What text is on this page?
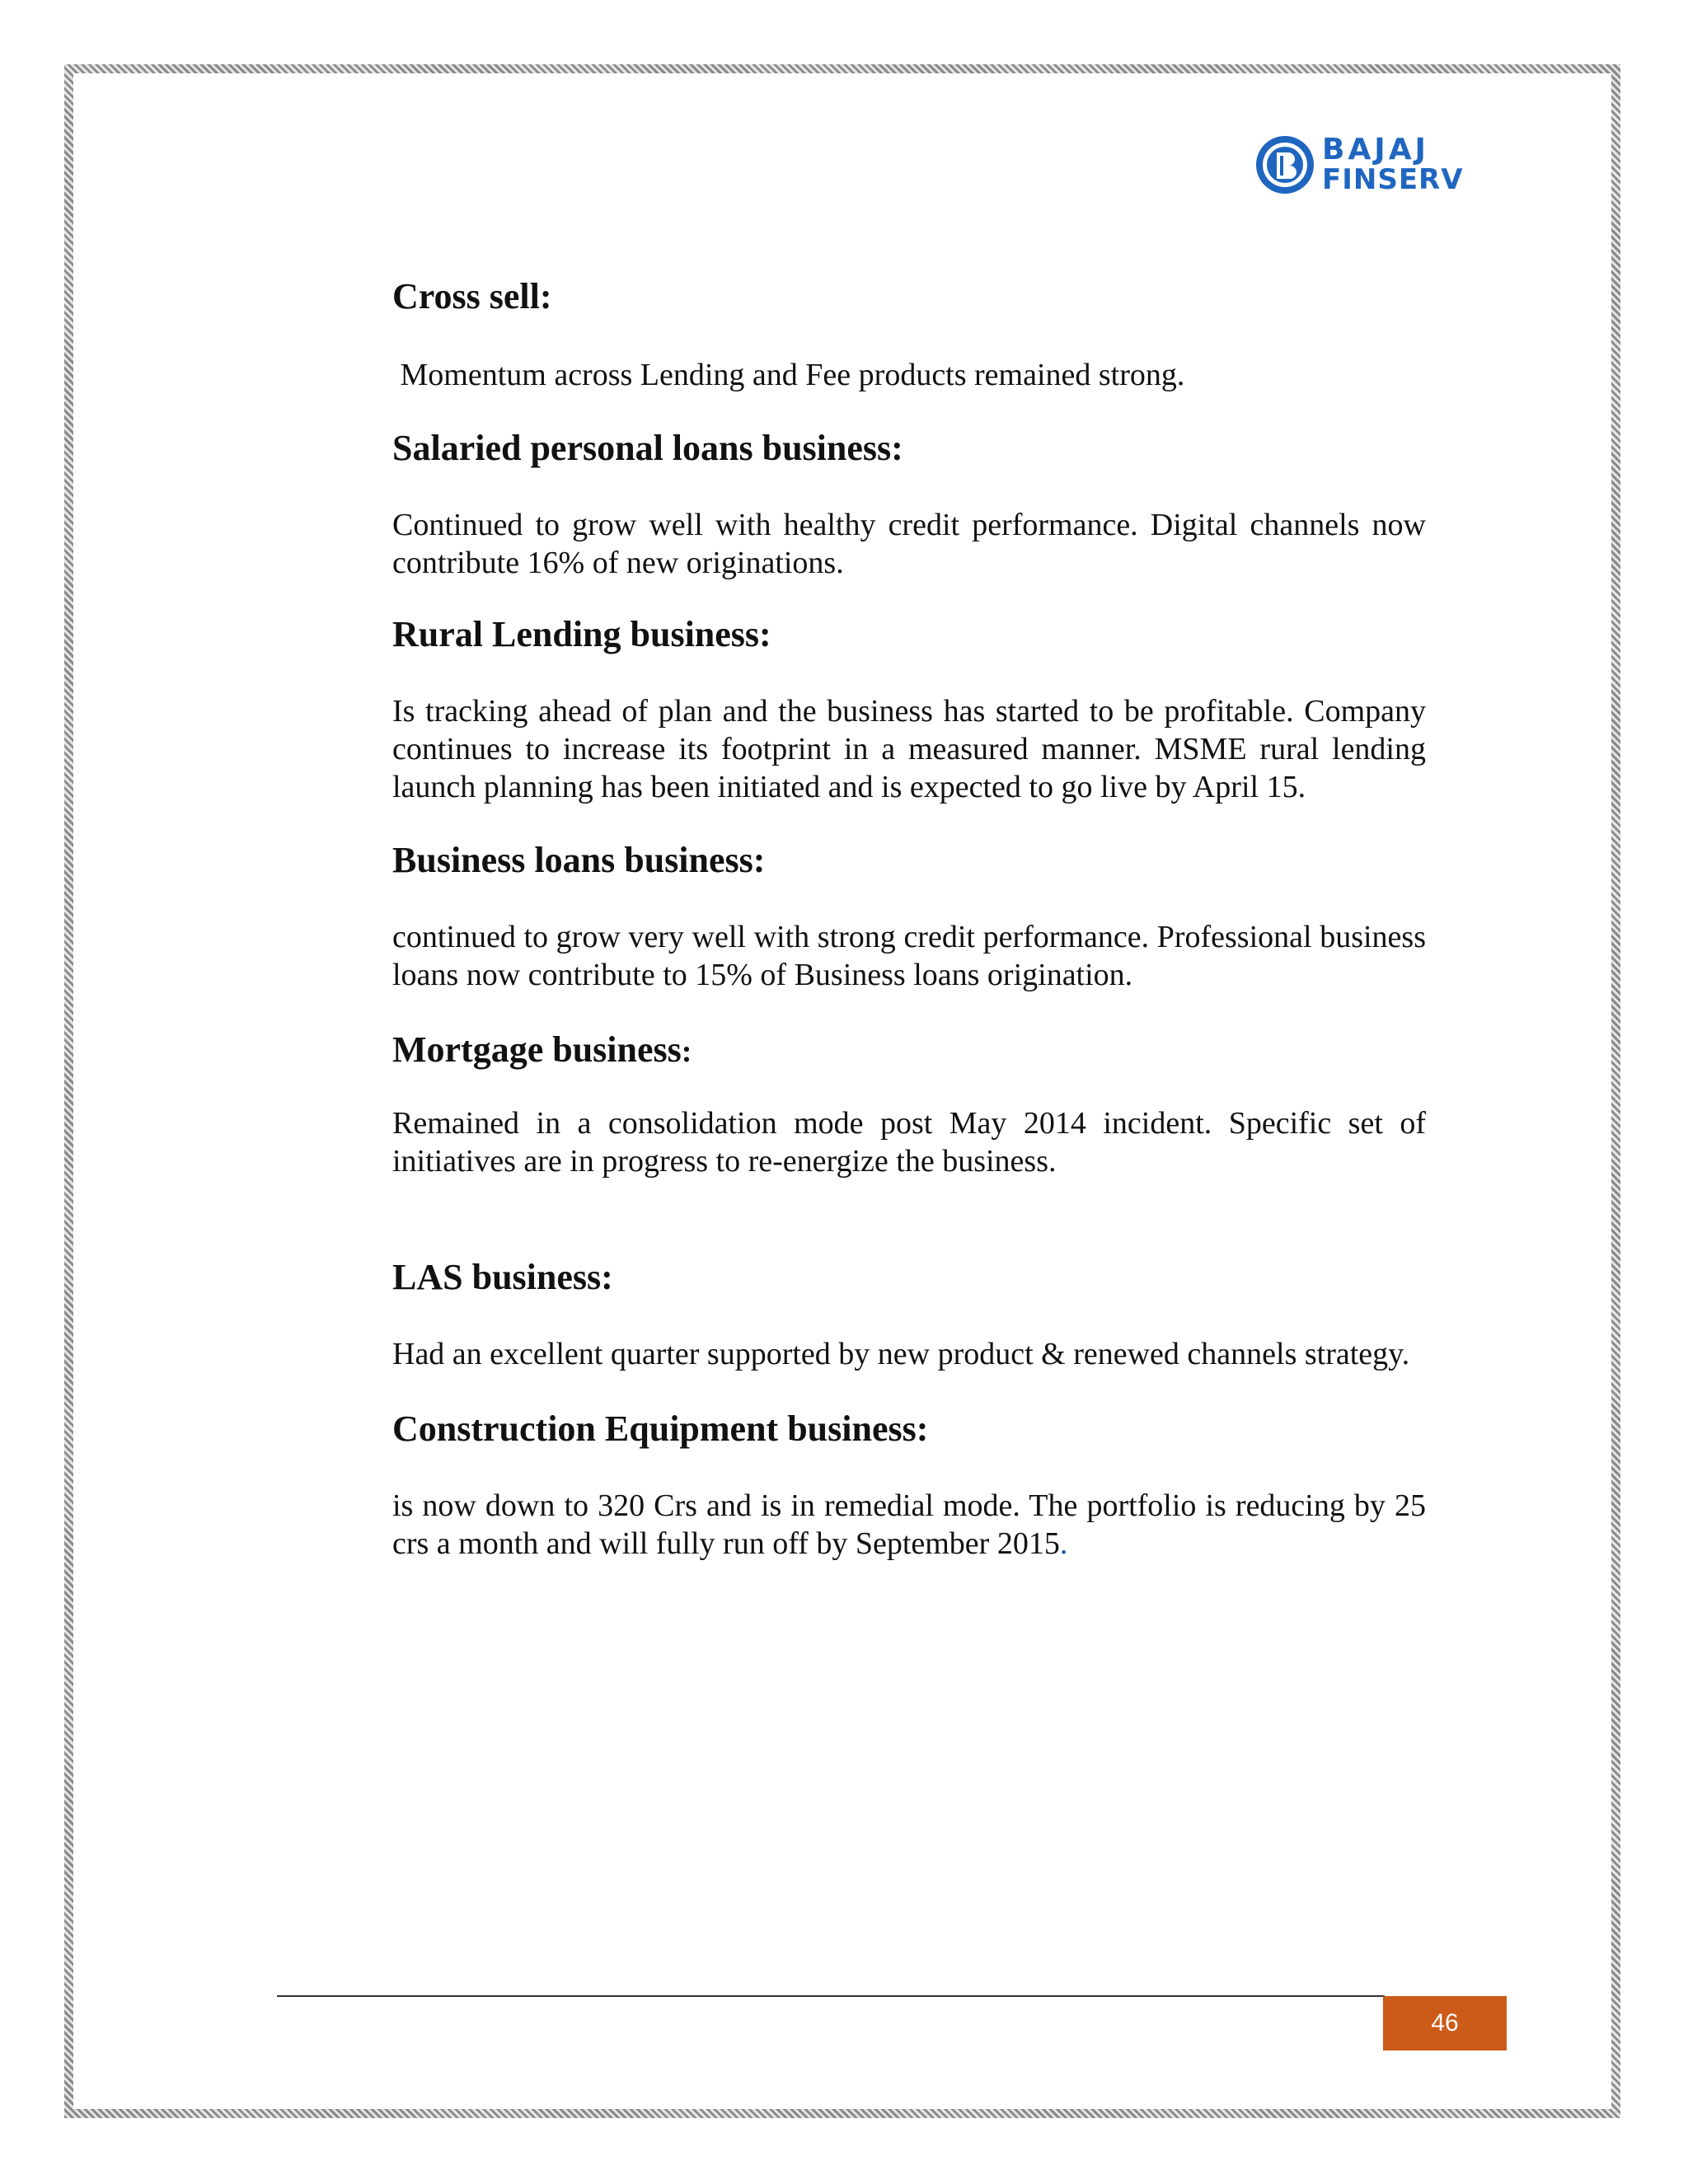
BAJAJ
FINSERV
Cross sell:

Momentum across Lending and Fee products remained strong.

Salaried personal loans business:

Continued to grow well with healthy credit performance. Digital channels now contribute 16% of new originations.

Rural Lending business:

Is tracking ahead of plan and the business has started to be profitable. Company continues to increase its footprint in a measured manner. MSME rural lending launch planning has been initiated and is expected to go live by April 15.

Business loans business:

continued to grow very well with strong credit performance. Professional business loans now contribute to 15% of Business loans origination.

Mortgage business:

Remained in a consolidation mode post May 2014 incident. Specific set of initiatives are in progress to re-energize the business.

LAS business:

Had an excellent quarter supported by new product & renewed channels strategy.

Construction Equipment business:

is now down to 320 Crs and is in remedial mode. The portfolio is reducing by 25 crs a month and will fully run off by September 2015.

46
